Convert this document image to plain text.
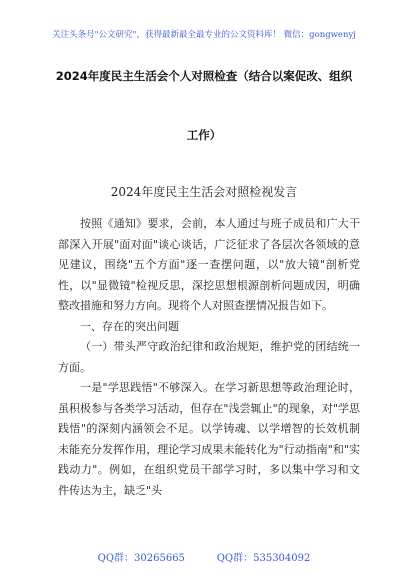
关注头条号"公文研究"，获得最新最全最专业的公文资料库！ 微信：gongwenyj
2024年度民主生活会个人对照检查（结合以案促改、组织
工作）
2024年度民主生活会对照检视发言

按照《通知》要求，会前，本人通过与班子成员和广大干部深入开展"面对面"谈心谈话，广泛征求了各层次各领域的意见建议，围绕"五个方面"逐一查摆问题，以"放大镜"剖析党性，以"显微镜"检视反思，深挖思想根源剖析问题成因，明确整改措施和努力方向。现将个人对照查摆情况报告如下。

一、存在的突出问题

（一）带头严守政治纪律和政治规矩，维护党的团结统一方面。

一是"学思践悟"不够深入。在学习新思想等政治理论时，虽积极参与各类学习活动，但存在"浅尝辄止"的现象，对"学思践悟"的深刻内涵领会不足。以学铸魂、以学增智的长效机制未能充分发挥作用，理论学习成果未能转化为"行动指南"和"实践动力"。例如，在组织党员干部学习时，多以集中学习和文件传达为主，缺乏"头

QQ群：30265665          QQ群：535304092
